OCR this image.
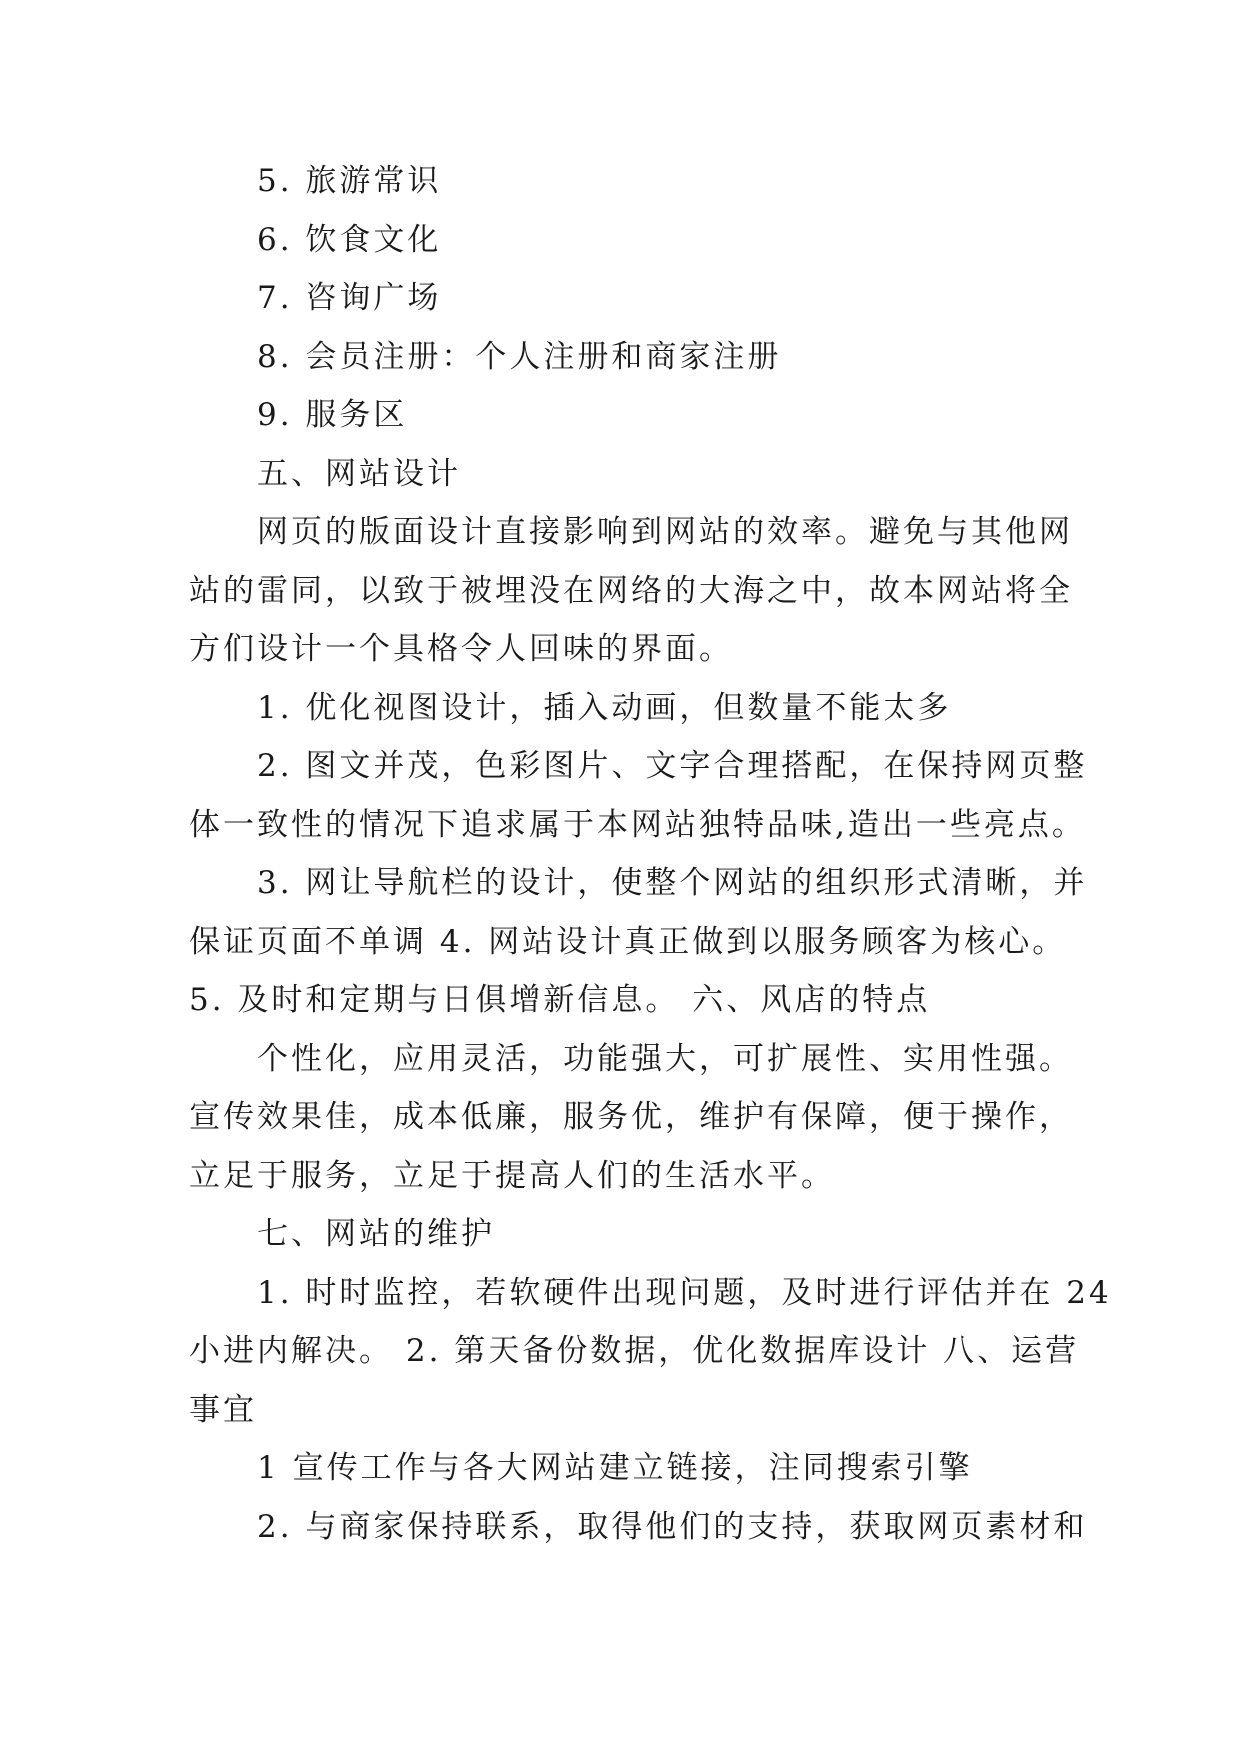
5. 旅游常识

6. 饮食文化

7. 咨询广场

8. 会员注册：个人注册和商家注册

9. 服务区

五、网站设计

网页的版面设计直接影响到网站的效率。避免与其他网

站的雷同，以致于被埋没在网络的大海之中，故本网站将全

方们设计一个具格令人回味的界面。

1. 优化视图设计，插入动画，但数量不能太多

2. 图文并茂，色彩图片、文字合理搭配，在保持网页整

体一致性的情况下追求属于本网站独特品味,造出一些亮点。

3. 网让导航栏的设计，使整个网站的组织形式清晰，并

保证页面不单调 4. 网站设计真正做到以服务顾客为核心。

5. 及时和定期与日俱增新信息。 六、风店的特点

个性化，应用灵活，功能强大，可扩展性、实用性强。

宣传效果佳，成本低廉，服务优，维护有保障，便于操作，

立足于服务，立足于提高人们的生活水平。

七、网站的维护

1. 时时监控，若软硬件出现问题，及时进行评估并在 24

小进内解决。 2. 第天备份数据，优化数据库设计 八、运营

事宜

1 宣传工作与各大网站建立链接，注同搜索引擎

2. 与商家保持联系，取得他们的支持，获取网页素材和
